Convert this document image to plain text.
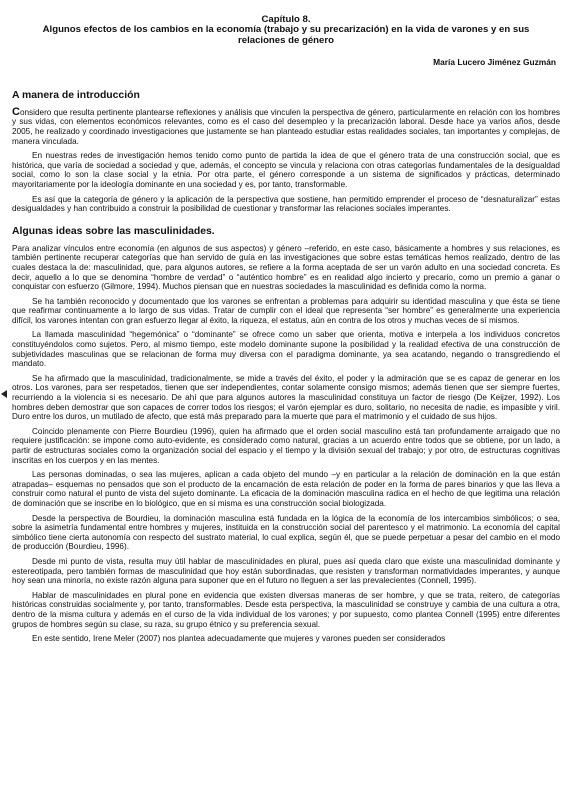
Capítulo 8.
Algunos efectos de los cambios en la economía (trabajo y su precarización) en la vida de varones y en sus relaciones de género
María Lucero Jiménez Guzmán
A manera de introducción

Considero que resulta pertinente plantearse reflexiones y análisis que vinculen la perspectiva de género, particularmente en relación con los hombres y sus vidas, con elementos económicos relevantes, como es el caso del desempleo y la precarización laboral. Desde hace ya varios años, desde 2005, he realizado y coordinado investigaciones que justamente se han planteado estudiar estas realidades sociales, tan importantes y complejas, de manera vinculada.

En nuestras redes de investigación hemos tenido como punto de partida la idea de que el género trata de una construcción social, que es histórica, que varía de sociedad a sociedad y que, además, el concepto se vincula y relaciona con otras categorías fundamentales de la desigualdad social, como lo son la clase social y la etnia. Por otra parte, el género corresponde a un sistema de significados y prácticas, determinado mayoritariamente por la ideología dominante en una sociedad y es, por tanto, transformable.

Es así que la categoría de género y la aplicación de la perspectiva que sostiene, han permitido emprender el proceso de “desnaturalizar” estas desigualdades y han contribuido a construir la posibilidad de cuestionar y transformar las relaciones sociales imperantes.

Algunas ideas sobre las masculinidades.

Para analizar vínculos entre economía (en algunos de sus aspectos) y género –referido, en este caso, básicamente a hombres y sus relaciones, es también pertinente recuperar categorías que han servido de guía en las investigaciones que sobre estas temáticas hemos realizado, dentro de las cuales destaca la de: masculinidad, que, para algunos autores, se refiere a la forma aceptada de ser un varón adulto en una sociedad concreta. Es decir, aquello a lo que se denomina “hombre de verdad” o “auténtico hombre” es en realidad algo incierto y precario, como un premio a ganar o conquistar con esfuerzo (Gilmore, 1994). Muchos piensan que en nuestras sociedades la masculinidad es definida como la norma.

Se ha también reconocido y documentado que los varones se enfrentan a problemas para adquirir su identidad masculina y que ésta se tiene que reafirmar continuamente a lo largo de sus vidas. Tratar de cumplir con el ideal que representa “ser hombre” es generalmente una experiencia difícil, los varones intentan con gran esfuerzo llegar al éxito, la riqueza, el estatus, aún en contra de los otros y muchas veces de sí mismos.

La llamada masculinidad “hegemónica” o “dominante” se ofrece como un saber que orienta, motiva e interpela a los individuos concretos constituyéndolos como sujetos. Pero, al mismo tiempo, este modelo dominante supone la posibilidad y la realidad efectiva de una construcción de subjetividades masculinas que se relacionan de forma muy diversa con el paradigma dominante, ya sea acatando, negando o transgrediendo el mandato.

Se ha afirmado que la masculinidad, tradicionalmente, se mide a través del éxito, el poder y la admiración que se es capaz de generar en los otros. Los varones, para ser respetados, tienen que ser independientes, contar solamente consigo mismos; además tienen que ser siempre fuertes, recurriendo a la violencia si es necesario. De ahí que para algunos autores la masculinidad constituya un factor de riesgo (De Keijzer, 1992). Los hombres deben demostrar que son capaces de correr todos los riesgos; el varón ejemplar es duro, solitario, no necesita de nadie, es impasible y viril. Duro entre los duros, un mutilado de afecto, que está más preparado para la muerte que para el matrimonio y el cuidado de sus hijos.

Coincido plenamente con Pierre Bourdieu (1996), quien ha afirmado que el orden social masculino está tan profundamente arraigado que no requiere justificación: se impone como auto-evidente, es considerado como natural, gracias a un acuerdo entre todos que se obtiene, por un lado, a partir de estructuras sociales como la organización social del espacio y el tiempo y la división sexual del trabajo; y por otro, de estructuras cognitivas inscritas en los cuerpos y en las mentes.

Las personas dominadas, o sea las mujeres, aplican a cada objeto del mundo –y en particular a la relación de dominación en la que están atrapadas– esquemas no pensados que son el producto de la encarnación de esta relación de poder en la forma de pares binarios y que las lleva a construir como natural el punto de vista del sujeto dominante. La eficacia de la dominación masculina radica en el hecho de que legitima una relación de dominación que se inscribe en lo biológico, que en sí misma es una construcción social biologizada.

Desde la perspectiva de Bourdieu, la dominación masculina está fundada en la lógica de la economía de los intercambios simbólicos; o sea, sobre la asimetría fundamental entre hombres y mujeres, instituida en la construcción social del parentesco y el matrimonio. La economía del capital simbólico tiene cierta autonomía con respecto del sustrato material, lo cual explica, según él, que se puede perpetuar a pesar del cambio en el modo de producción (Bourdieu, 1996).

Desde mi punto de vista, resulta muy útil hablar de masculinidades en plural, pues así queda claro que existe una masculinidad dominante y estereotipada, pero también formas de masculinidad que hoy están subordinadas, que resisten y transforman normatividades imperantes, y aunque hoy sean una minoría, no existe razón alguna para suponer que en el futuro no lleguen a ser las prevalecientes (Connell, 1995).

Hablar de masculinidades en plural pone en evidencia que existen diversas maneras de ser hombre, y que se trata, reitero, de categorías históricas construidas socialmente y, por tanto, transformables. Desde esta perspectiva, la masculinidad se construye y cambia de una cultura a otra, dentro de la misma cultura y además en el curso de la vida individual de los varones; y por supuesto, como plantea Connell (1995) entre diferentes grupos de hombres según su clase, su raza, su grupo étnico y su preferencia sexual.

En este sentido, Irene Meler (2007) nos plantea adecuadamente que mujeres y varones pueden ser considerados
